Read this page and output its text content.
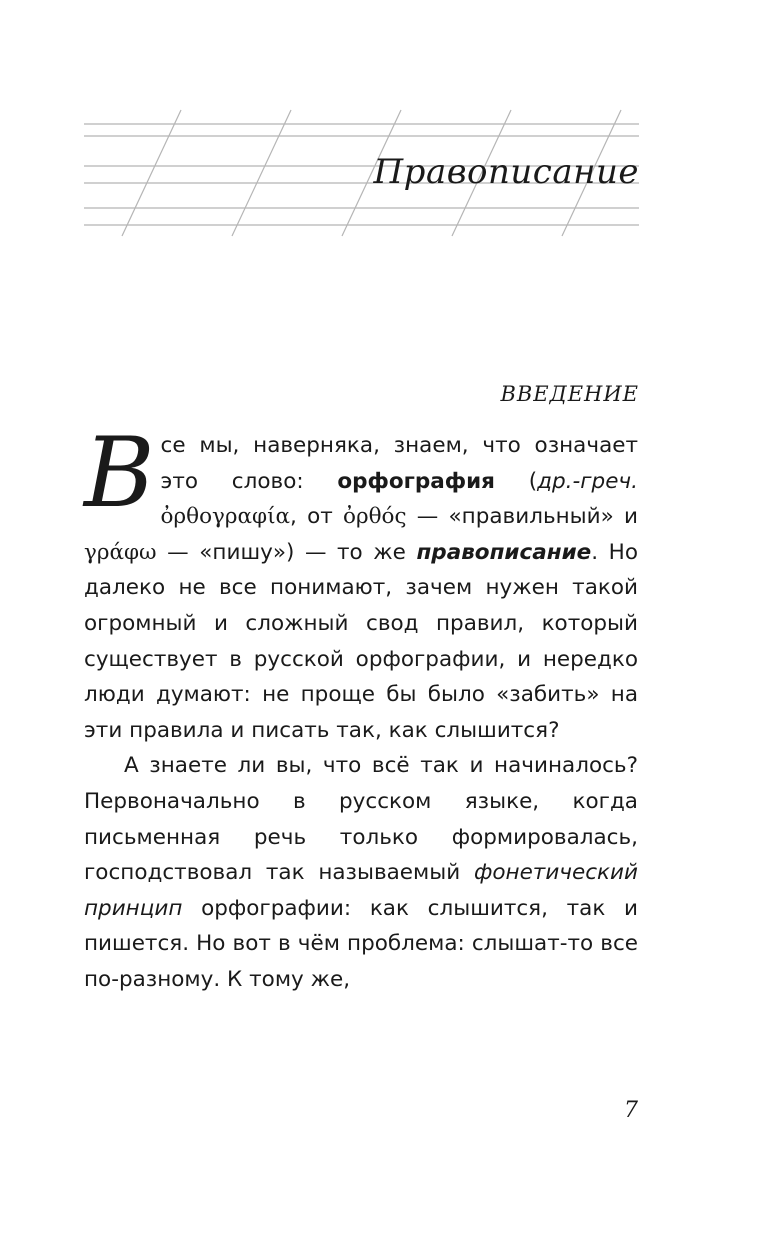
Правописание
ВВЕДЕНИЕ

Все мы, наверняка, знаем, что означает это слово: орфография (др.-греч. ὀρθογραφία, от ὀρθός — «правильный» и γράφω — «пишу») — то же правописание. Но далеко не все понимают, зачем нужен такой огромный и сложный свод правил, который существует в русской орфографии, и нередко люди думают: не проще бы было «забить» на эти правила и писать так, как слышится?

А знаете ли вы, что всё так и начиналось? Первоначально в русском языке, когда письменная речь только формировалась, господствовал так называемый фонетический принцип орфографии: как слышится, так и пишется. Но вот в чём проблема: слышат-то все по-разному. К тому же,

7
